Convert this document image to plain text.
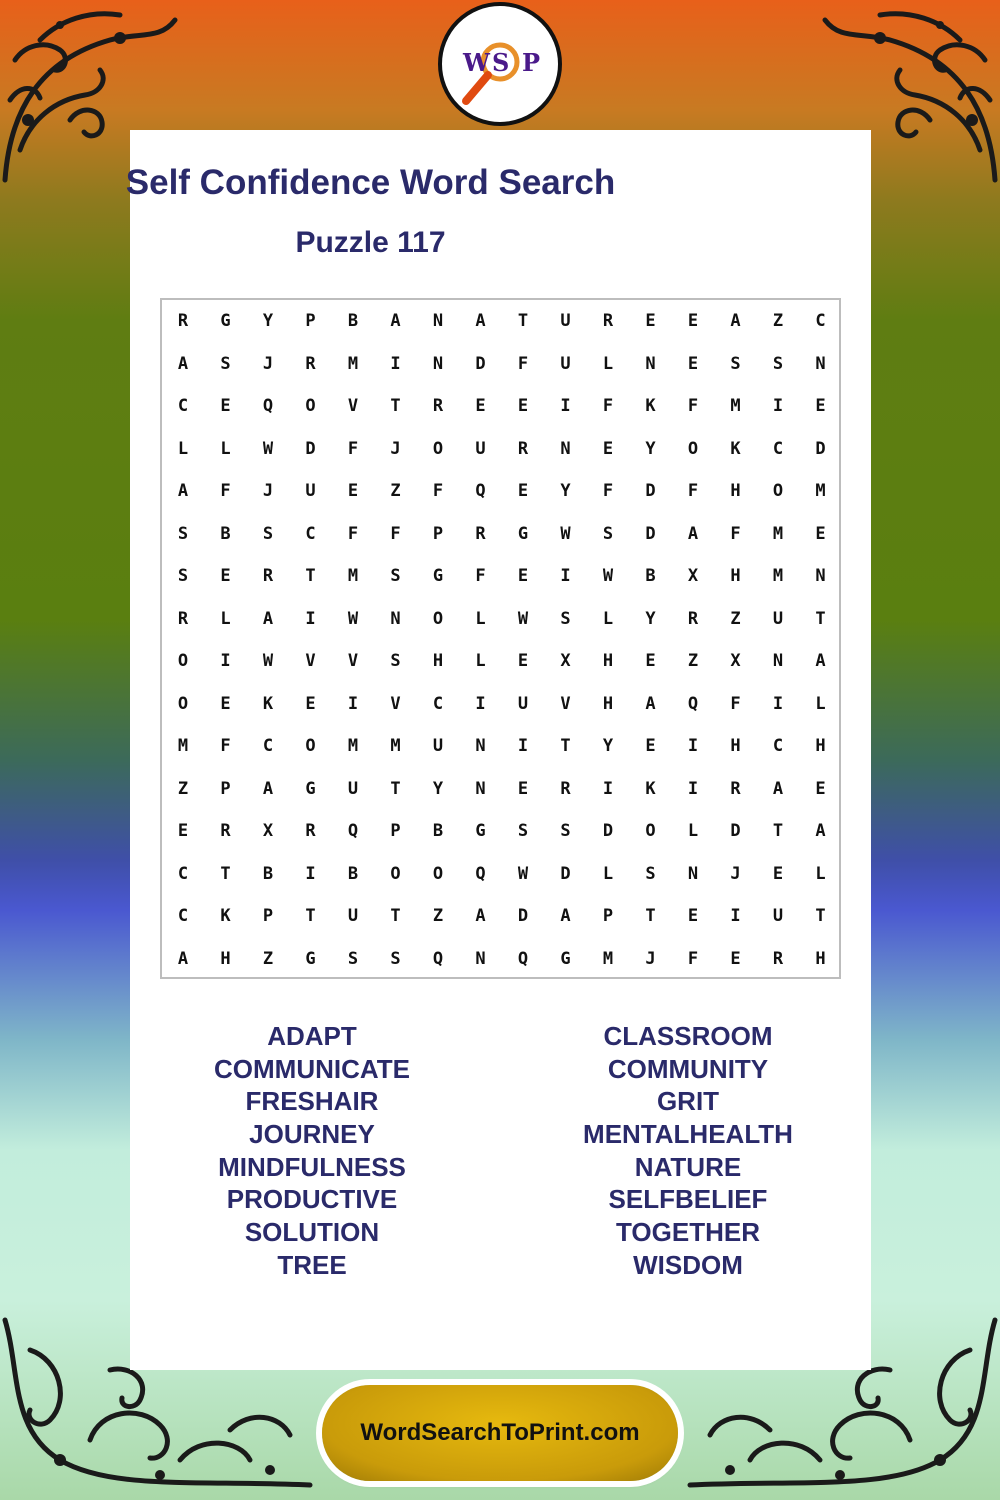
W S P
Self Confidence Word Search
Puzzle 117
R	G	Y	P	B	A	N	A	T	U	R	E	E	A	Z	C
A	S	J	R	M	I	N	D	F	U	L	N	E	S	S	N
C	E	Q	O	V	T	R	E	E	I	F	K	F	M	I	E
L	L	W	D	F	J	O	U	R	N	E	Y	O	K	C	D
A	F	J	U	E	Z	F	Q	E	Y	F	D	F	H	O	M
S	B	S	C	F	F	P	R	G	W	S	D	A	F	M	E
S	E	R	T	M	S	G	F	E	I	W	B	X	H	M	N
R	L	A	I	W	N	O	L	W	S	L	Y	R	Z	U	T
O	I	W	V	V	S	H	L	E	X	H	E	Z	X	N	A
O	E	K	E	I	V	C	I	U	V	H	A	Q	F	I	L
M	F	C	O	M	M	U	N	I	T	Y	E	I	H	C	H
Z	P	A	G	U	T	Y	N	E	R	I	K	I	R	A	E
E	R	X	R	Q	P	B	G	S	S	D	O	L	D	T	A
C	T	B	I	B	O	O	Q	W	D	L	S	N	J	E	L
C	K	P	T	U	T	Z	A	D	A	P	T	E	I	U	T
A	H	Z	G	S	S	Q	N	Q	G	M	J	F	E	R	H
ADAPT
COMMUNICATE
FRESHAIR
JOURNEY
MINDFULNESS
PRODUCTIVE
SOLUTION
TREE
CLASSROOM
COMMUNITY
GRIT
MENTALHEALTH
NATURE
SELFBELIEF
TOGETHER
WISDOM
WordSearchToPrint.com
